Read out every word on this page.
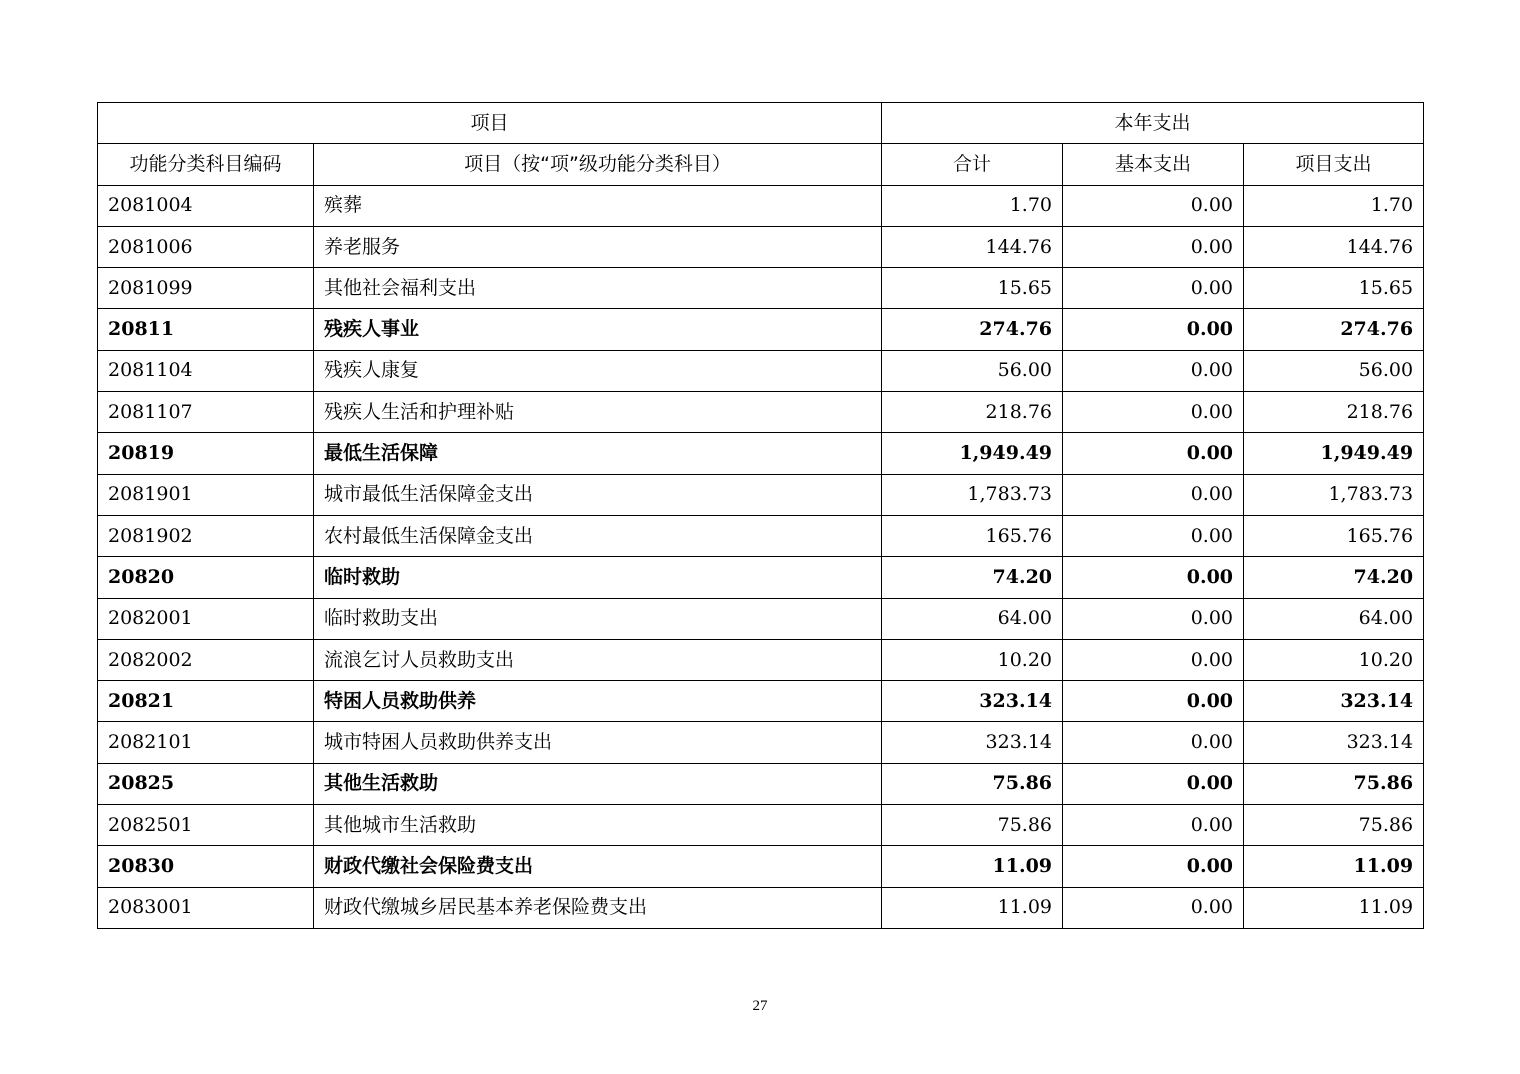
项目		本年支出		
功能分类科目编码	项目（按“项”级功能分类科目）	合计	基本支出	项目支出
2081004	殡葬	1.70	0.00	1.70
2081006	养老服务	144.76	0.00	144.76
2081099	其他社会福利支出	15.65	0.00	15.65
20811	残疾人事业	274.76	0.00	274.76
2081104	残疾人康复	56.00	0.00	56.00
2081107	残疾人生活和护理补贴	218.76	0.00	218.76
20819	最低生活保障	1,949.49	0.00	1,949.49
2081901	城市最低生活保障金支出	1,783.73	0.00	1,783.73
2081902	农村最低生活保障金支出	165.76	0.00	165.76
20820	临时救助	74.20	0.00	74.20
2082001	临时救助支出	64.00	0.00	64.00
2082002	流浪乞讨人员救助支出	10.20	0.00	10.20
20821	特困人员救助供养	323.14	0.00	323.14
2082101	城市特困人员救助供养支出	323.14	0.00	323.14
20825	其他生活救助	75.86	0.00	75.86
2082501	其他城市生活救助	75.86	0.00	75.86
20830	财政代缴社会保险费支出	11.09	0.00	11.09
2083001	财政代缴城乡居民基本养老保险费支出	11.09	0.00	11.09
27
